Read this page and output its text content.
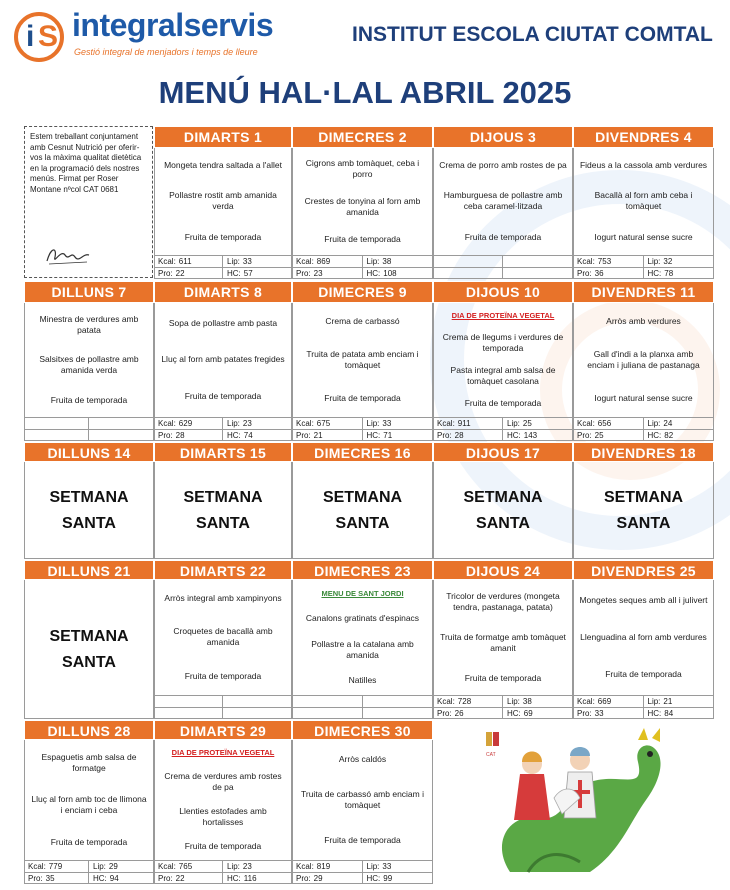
i S integralservis
Gestió integral de menjadors i temps de lleure
INSTITUT ESCOLA CIUTAT COMTAL
MENÚ HAL·LAL ABRIL 2025
Estem treballant conjuntament amb Cesnut Nutrició per oferir-vos la màxima qualitat dietètica en la programació dels nostres menús. Firmat per Roser Montane nºcol CAT 0681
DIMARTS 1
Mongeta tendra saltada a l'allet
Pollastre rostit amb amanida verda
Fruita de temporada
Kcal: 611	Lip: 33
Pro: 22	HC: 57
DIMECRES 2
Cigrons amb tomàquet, ceba i porro
Crestes de tonyina al forn amb amanida
Fruita de temporada
Kcal: 869	Lip: 38
Pro: 23	HC: 108
DIJOUS 3
Crema de porro amb rostes de pa
Hamburguesa de pollastre amb ceba caramel·litzada
Fruita de temporada
DIVENDRES 4
Fideus a la cassola amb verdures
Bacallà al forn amb ceba i tomàquet
Iogurt natural sense sucre
Kcal: 753	Lip: 32
Pro: 36	HC: 78
DILLUNS 7
Minestra de verdures amb patata
Salsitxes de pollastre amb amanida verda
Fruita de temporada
DIMARTS 8
Sopa de pollastre amb pasta
Lluç al forn amb patates fregides
Fruita de temporada
Kcal: 629	Lip: 23
Pro: 28	HC: 74
DIMECRES 9
Crema de carbassó
Truita de patata amb enciam i tomàquet
Fruita de temporada
Kcal: 675	Lip: 33
Pro: 21	HC: 71
DIJOUS 10
DIA DE PROTEÏNA VEGETAL
Crema de llegums i verdures de temporada
Pasta integral amb salsa de tomàquet casolana
Fruita de temporada
Kcal: 911	Lip: 25
Pro: 28	HC: 143
DIVENDRES 11
Arròs amb verdures
Gall d'indi a la planxa amb enciam i juliana de pastanaga
Iogurt natural sense sucre
Kcal: 656	Lip: 24
Pro: 25	HC: 82
DILLUNS 14
SETMANA SANTA
DIMARTS 15
SETMANA SANTA
DIMECRES 16
SETMANA SANTA
DIJOUS 17
SETMANA SANTA
DIVENDRES 18
SETMANA SANTA
DILLUNS 21
SETMANA SANTA
DIMARTS 22
Arròs integral amb xampinyons
Croquetes de bacallà amb amanida
Fruita de temporada
DIMECRES 23
MENU DE SANT JORDI
Canalons gratinats d'espinacs
Pollastre a la catalana amb amanida
Natilles
DIJOUS 24
Tricolor de verdures (mongeta tendra, pastanaga, patata)
Truita de formatge amb tomàquet amanit
Fruita de temporada
Kcal: 728	Lip: 38
Pro: 26	HC: 69
DIVENDRES 25
Mongetes seques amb all i julivert
Llenguadina al forn amb verdures
Fruita de temporada
Kcal: 669	Lip: 21
Pro: 33	HC: 84
DILLUNS 28
Espaguetis amb salsa de formatge
Lluç al forn amb toc de llimona i enciam i ceba
Fruita de temporada
Kcal: 779	Lip: 29
Pro: 35	HC: 94
DIMARTS 29
DIA DE PROTEÏNA VEGETAL
Crema de verdures amb rostes de pa
Llenties estofades amb hortalisses
Fruita de temporada
Kcal: 765	Lip: 23
Pro: 22	HC: 116
DIMECRES 30
Arròs caldós
Truita de carbassó amb enciam i tomàquet
Fruita de temporada
Kcal: 819	Lip: 33
Pro: 29	HC: 99
CAT
